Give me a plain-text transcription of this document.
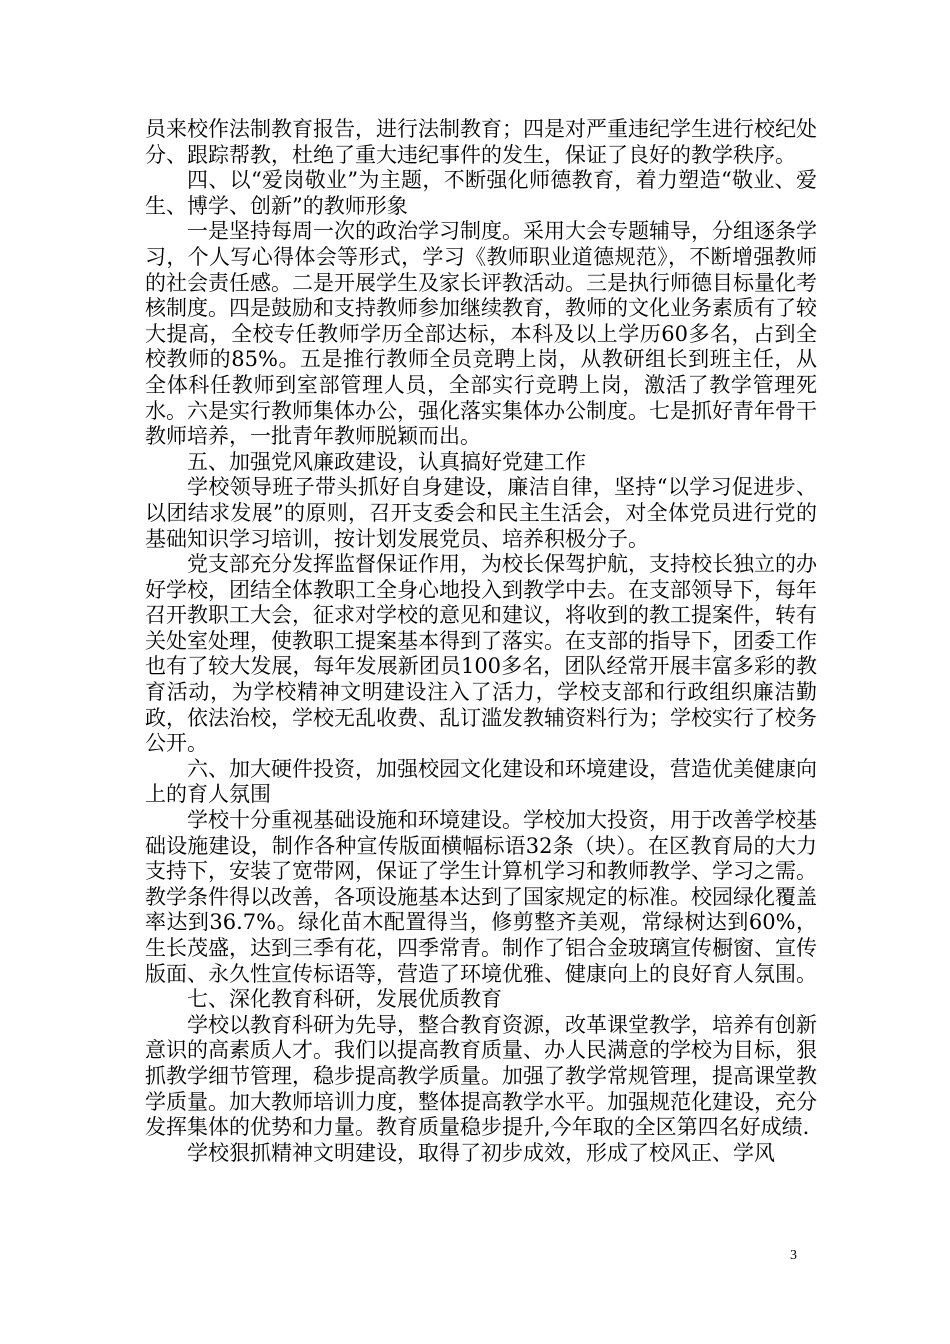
员来校作法制教育报告，进行法制教育；四是对严重违纪学生进行校纪处分、跟踪帮教，杜绝了重大违纪事件的发生，保证了良好的教学秩序。

四、以“爱岗敬业”为主题，不断强化师德教育，着力塑造“敬业、爱生、博学、创新”的教师形象

一是坚持每周一次的政治学习制度。采用大会专题辅导，分组逐条学习，个人写心得体会等形式，学习《教师职业道德规范》，不断增强教师的社会责任感。二是开展学生及家长评教活动。三是执行师德目标量化考核制度。四是鼓励和支持教师参加继续教育，教师的文化业务素质有了较大提高，全校专任教师学历全部达标，本科及以上学历60多名，占到全校教师的85%。五是推行教师全员竞聘上岗，从教研组长到班主任，从全体科任教师到室部管理人员，全部实行竞聘上岗，激活了教学管理死水。六是实行教师集体办公，强化落实集体办公制度。七是抓好青年骨干教师培养，一批青年教师脱颖而出。

五、加强党风廉政建设，认真搞好党建工作

学校领导班子带头抓好自身建设，廉洁自律，坚持“以学习促进步、以团结求发展”的原则，召开支委会和民主生活会，对全体党员进行党的基础知识学习培训，按计划发展党员、培养积极分子。

党支部充分发挥监督保证作用，为校长保驾护航，支持校长独立的办好学校，团结全体教职工全身心地投入到教学中去。在支部领导下，每年召开教职工大会，征求对学校的意见和建议，将收到的教工提案件，转有关处室处理，使教职工提案基本得到了落实。在支部的指导下，团委工作也有了较大发展，每年发展新团员100多名，团队经常开展丰富多彩的教育活动，为学校精神文明建设注入了活力，学校支部和行政组织廉洁勤政，依法治校，学校无乱收费、乱订滥发教辅资料行为；学校实行了校务公开。

六、加大硬件投资，加强校园文化建设和环境建设，营造优美健康向上的育人氛围

学校十分重视基础设施和环境建设。学校加大投资，用于改善学校基础设施建设，制作各种宣传版面横幅标语32条（块）。在区教育局的大力支持下，安装了宽带网，保证了学生计算机学习和教师教学、学习之需。教学条件得以改善，各项设施基本达到了国家规定的标准。校园绿化覆盖率达到36.7%。绿化苗木配置得当，修剪整齐美观，常绿树达到60%，生长茂盛，达到三季有花，四季常青。制作了铝合金玻璃宣传橱窗、宣传版面、永久性宣传标语等，营造了环境优雅、健康向上的良好育人氛围。

七、深化教育科研，发展优质教育

学校以教育科研为先导，整合教育资源，改革课堂教学，培养有创新意识的高素质人才。我们以提高教育质量、办人民满意的学校为目标，狠抓教学细节管理，稳步提高教学质量。加强了教学常规管理，提高课堂教学质量。加大教师培训力度，整体提高教学水平。加强规范化建设，充分发挥集体的优势和力量。教育质量稳步提升,今年取的全区第四名好成绩.

学校狠抓精神文明建设，取得了初步成效，形成了校风正、学风

3
